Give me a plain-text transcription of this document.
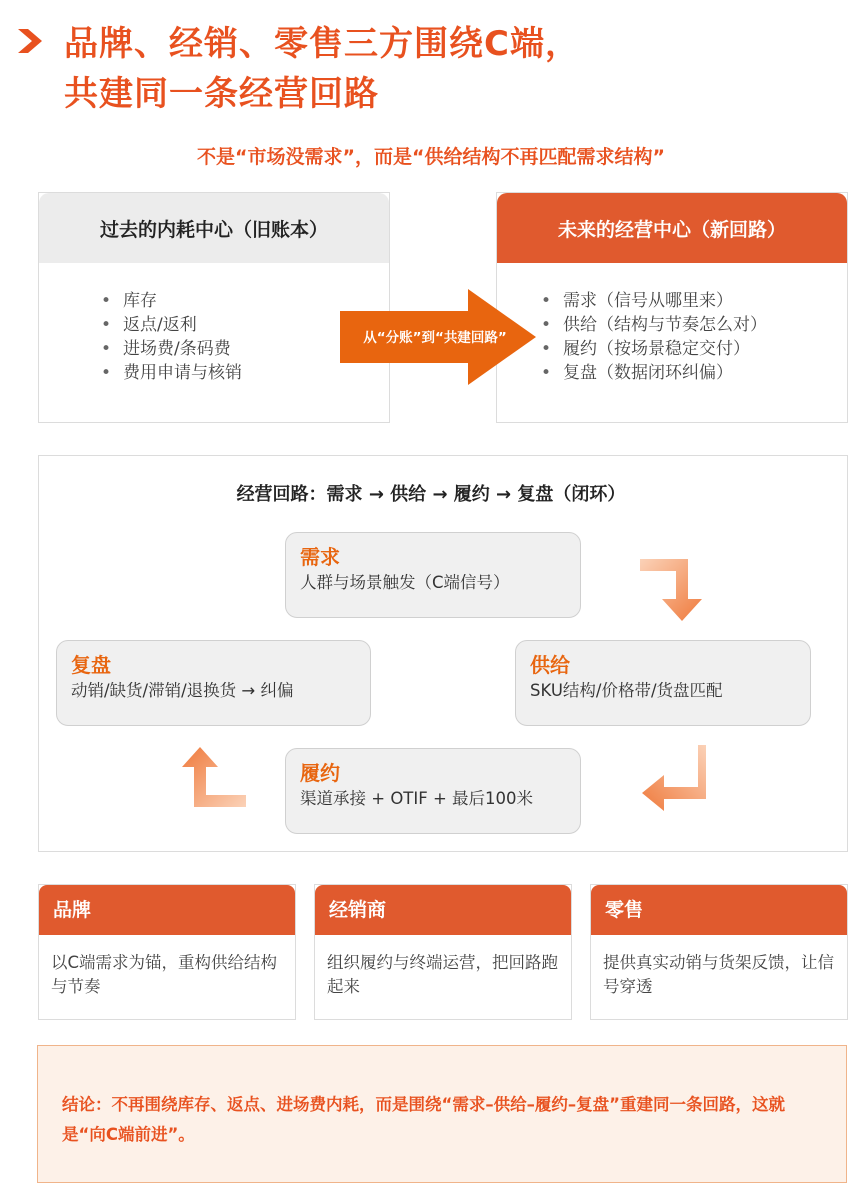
品牌、经销、零售三方围绕C端，
共建同一条经营回路
不是“市场没需求”，而是“供给结构不再匹配需求结构”
过去的内耗中心（旧账本）
• 库存
• 返点/返利
• 进场费/条码费
• 费用申请与核销
未来的经营中心（新回路）
• 需求（信号从哪里来）
• 供给（结构与节奏怎么对）
• 履约（按场景稳定交付）
• 复盘（数据闭环纠偏）
从“分账”到“共建回路”
经营回路：需求 → 供给 → 履约 → 复盘（闭环）
需求
人群与场景触发（C端信号）
供给
SKU结构/价格带/货盘匹配
履约
渠道承接 + OTIF + 最后100米
复盘
动销/缺货/滞销/退换货 → 纠偏
品牌
以C端需求为锚，重构供给结构与节奏
经销商
组织履约与终端运营，把回路跑起来
零售
提供真实动销与货架反馈，让信号穿透
结论：不再围绕库存、返点、进场费内耗，而是围绕“需求–供给–履约–复盘”重建同一条回路，这就是“向C端前进”。
